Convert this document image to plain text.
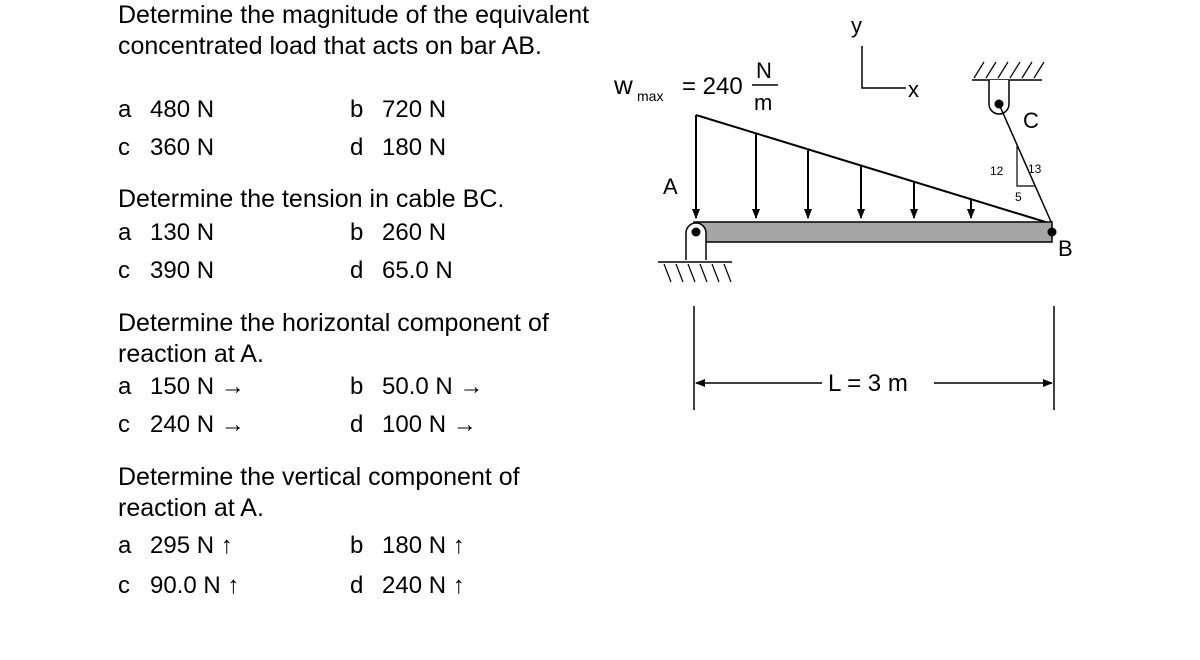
Determine the magnitude of the equivalent concentrated load that acts on bar AB.

a 480 N	b 720 N
c 360 N	d 180 N

Determine the tension in cable BC.

a 130 N	b 260 N
c 390 N	d 65.0 N

Determine the horizontal component of reaction at A.

a 150 N →	b 50.0 N →
c 240 N →	d 100 N →

Determine the vertical component of reaction at A.

a 295 N ↑	b 180 N ↑
c 90.0 N ↑	d 240 N ↑
w max = 240
N
m
y
x
C
12 13
5
A
B
L = 3 m
